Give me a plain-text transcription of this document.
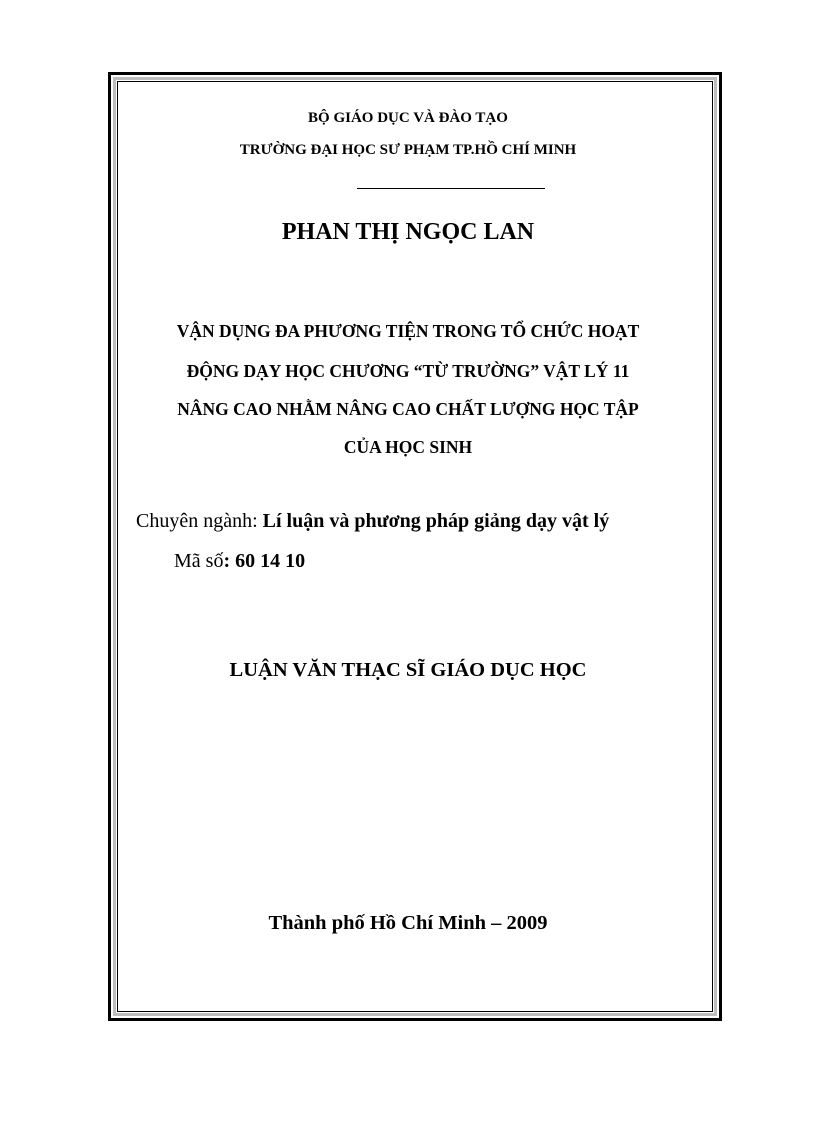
BỘ GIÁO DỤC VÀ ĐÀO TẠO
TRƯỜNG ĐẠI HỌC SƯ PHẠM TP.HỒ CHÍ MINH
PHAN THỊ NGỌC LAN
VẬN DỤNG ĐA PHƯƠNG TIỆN TRONG TỔ CHỨC HOẠT
ĐỘNG DẠY HỌC CHƯƠNG “TỪ TRƯỜNG” VẬT LÝ 11
NÂNG CAO NHẰM NÂNG CAO CHẤT LƯỢNG HỌC TẬP
CỦA HỌC SINH
Chuyên ngành: Lí luận và phương pháp giảng dạy vật lý
Mã số: 60 14 10
LUẬN VĂN THẠC SĨ GIÁO DỤC HỌC
Thành phố Hồ Chí Minh – 2009
